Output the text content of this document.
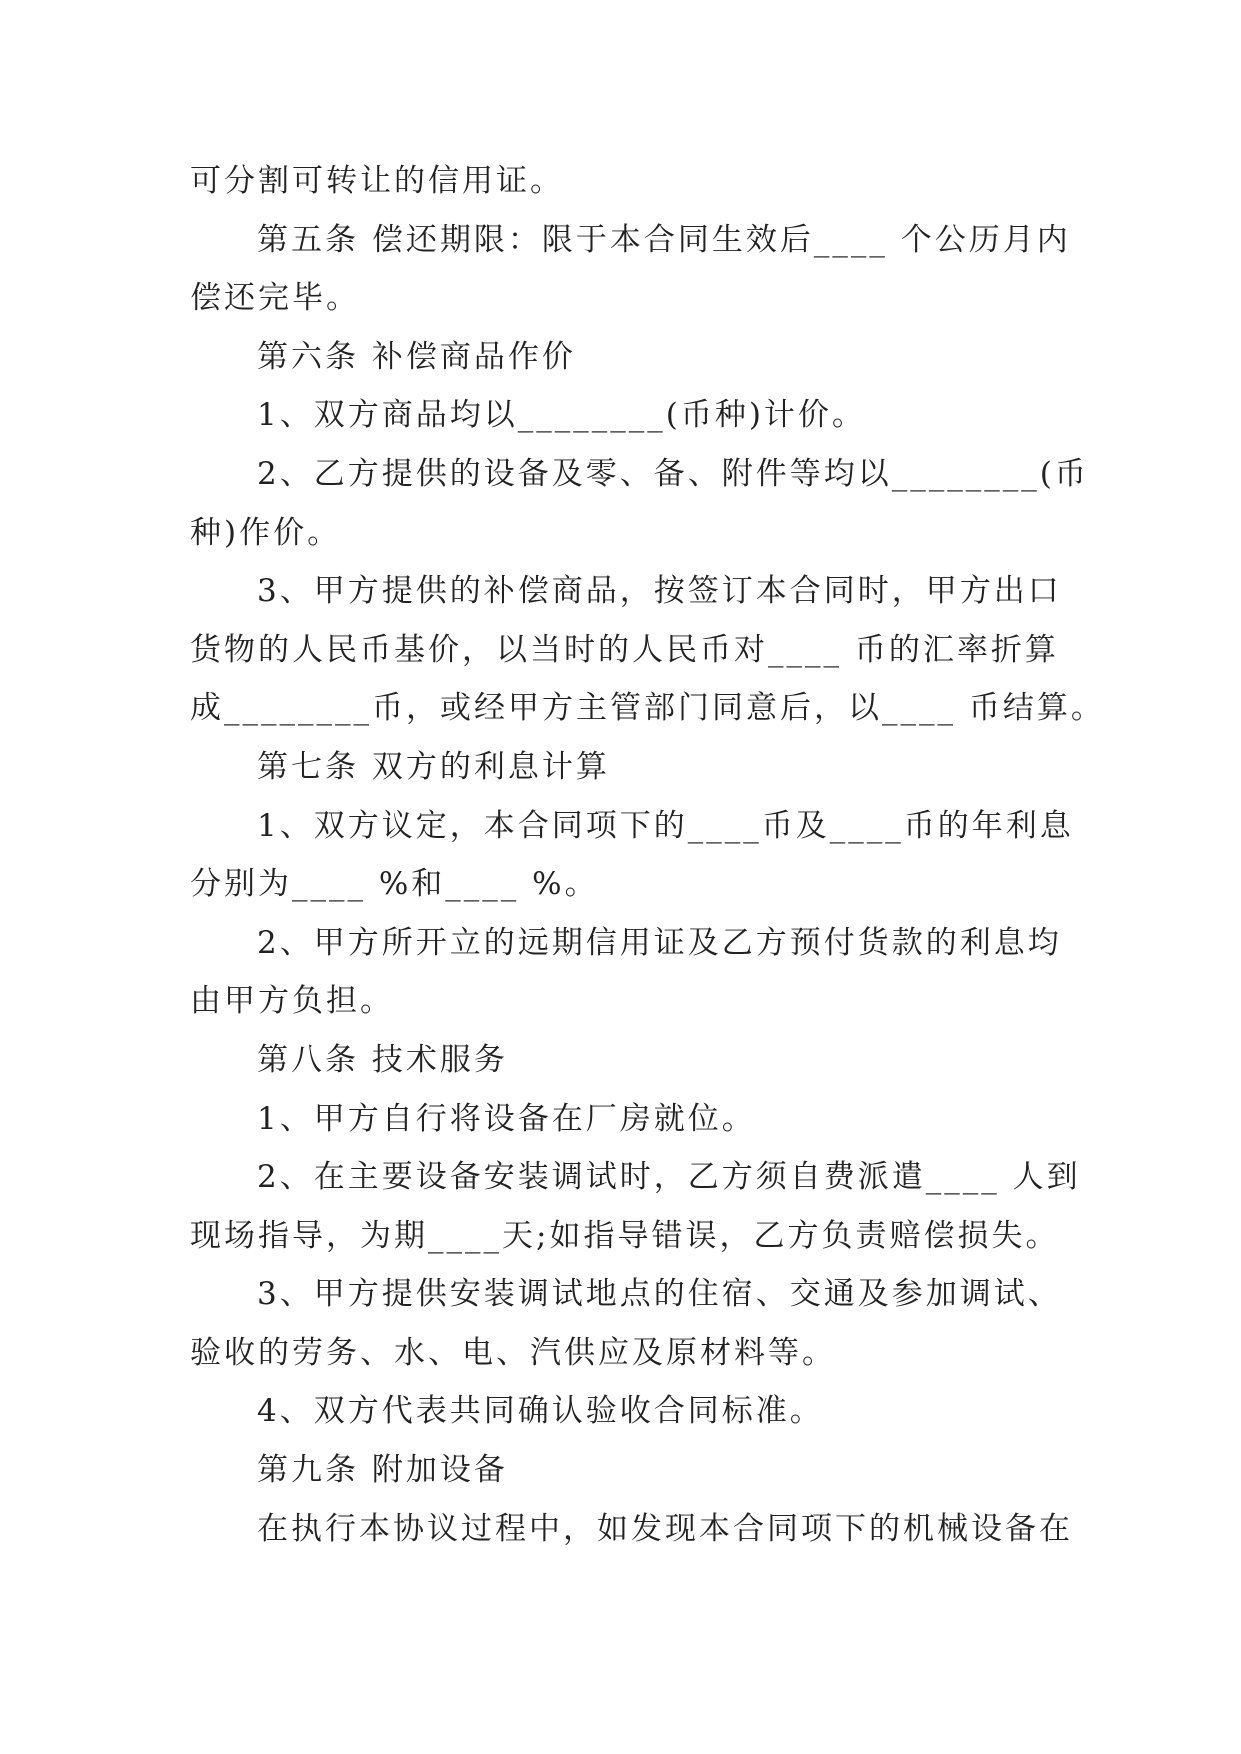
可分割可转让的信用证。
第五条 偿还期限：限于本合同生效后____ 个公历月内
偿还完毕。
第六条 补偿商品作价
1、双方商品均以________(币种)计价。
2、乙方提供的设备及零、备、附件等均以________(币
种)作价。
3、甲方提供的补偿商品，按签订本合同时，甲方出口
货物的人民币基价，以当时的人民币对____ 币的汇率折算
成________币，或经甲方主管部门同意后，以____ 币结算。
第七条 双方的利息计算
1、双方议定，本合同项下的____币及____币的年利息
分别为____ %和____ %。
2、甲方所开立的远期信用证及乙方预付货款的利息均
由甲方负担。
第八条 技术服务
1、甲方自行将设备在厂房就位。
2、在主要设备安装调试时，乙方须自费派遣____ 人到
现场指导，为期____天;如指导错误，乙方负责赔偿损失。
3、甲方提供安装调试地点的住宿、交通及参加调试、
验收的劳务、水、电、汽供应及原材料等。
4、双方代表共同确认验收合同标准。
第九条 附加设备
在执行本协议过程中，如发现本合同项下的机械设备在
